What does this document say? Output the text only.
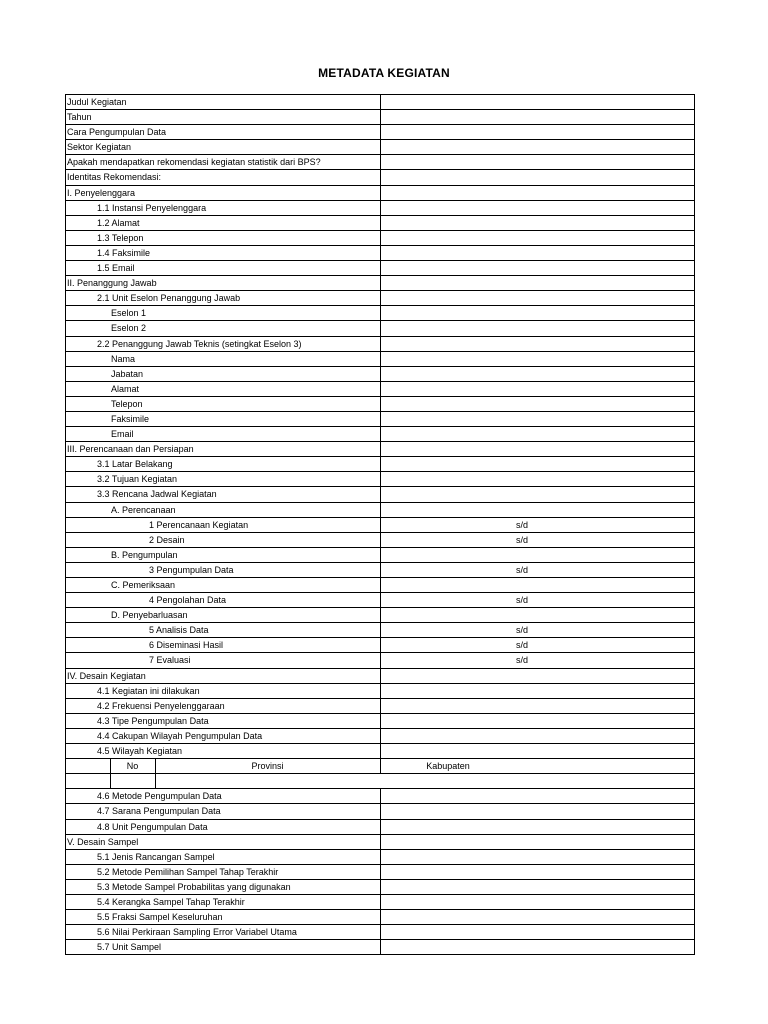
METADATA KEGIATAN
Judul Kegiatan
Tahun
Cara Pengumpulan Data
Sektor Kegiatan
Apakah mendapatkan rekomendasi kegiatan statistik dari BPS?
Identitas Rekomendasi:
I. Penyelenggara
1.1 Instansi Penyelenggara
1.2 Alamat
1.3 Telepon
1.4 Faksimile
1.5 Email
II. Penanggung Jawab
2.1 Unit Eselon Penanggung Jawab
Eselon 1
Eselon 2
2.2 Penanggung Jawab Teknis (setingkat Eselon 3)
Nama
Jabatan
Alamat
Telepon
Faksimile
Email
III. Perencanaan dan Persiapan
3.1 Latar Belakang
3.2 Tujuan Kegiatan
3.3 Rencana Jadwal Kegiatan
A. Perencanaan
1 Perencanaan Kegiatan	s/d
2 Desain	s/d
B. Pengumpulan
3 Pengumpulan Data	s/d
C. Pemeriksaan
4 Pengolahan Data	s/d
D. Penyebarluasan
5 Analisis Data	s/d
6 Diseminasi Hasil	s/d
7 Evaluasi	s/d
IV. Desain Kegiatan
4.1 Kegiatan ini dilakukan
4.2 Frekuensi Penyelenggaraan
4.3 Tipe Pengumpulan Data
4.4 Cakupan Wilayah Pengumpulan Data
4.5 Wilayah Kegiatan
No	Provinsi	Kabupaten
4.6 Metode Pengumpulan Data
4.7 Sarana Pengumpulan Data
4.8 Unit Pengumpulan Data
V. Desain Sampel
5.1 Jenis Rancangan Sampel
5.2 Metode Pemilihan Sampel Tahap Terakhir
5.3 Metode Sampel Probabilitas yang digunakan
5.4 Kerangka Sampel Tahap Terakhir
5.5 Fraksi Sampel Keseluruhan
5.6 Nilai Perkiraan Sampling Error Variabel Utama
5.7 Unit Sampel
